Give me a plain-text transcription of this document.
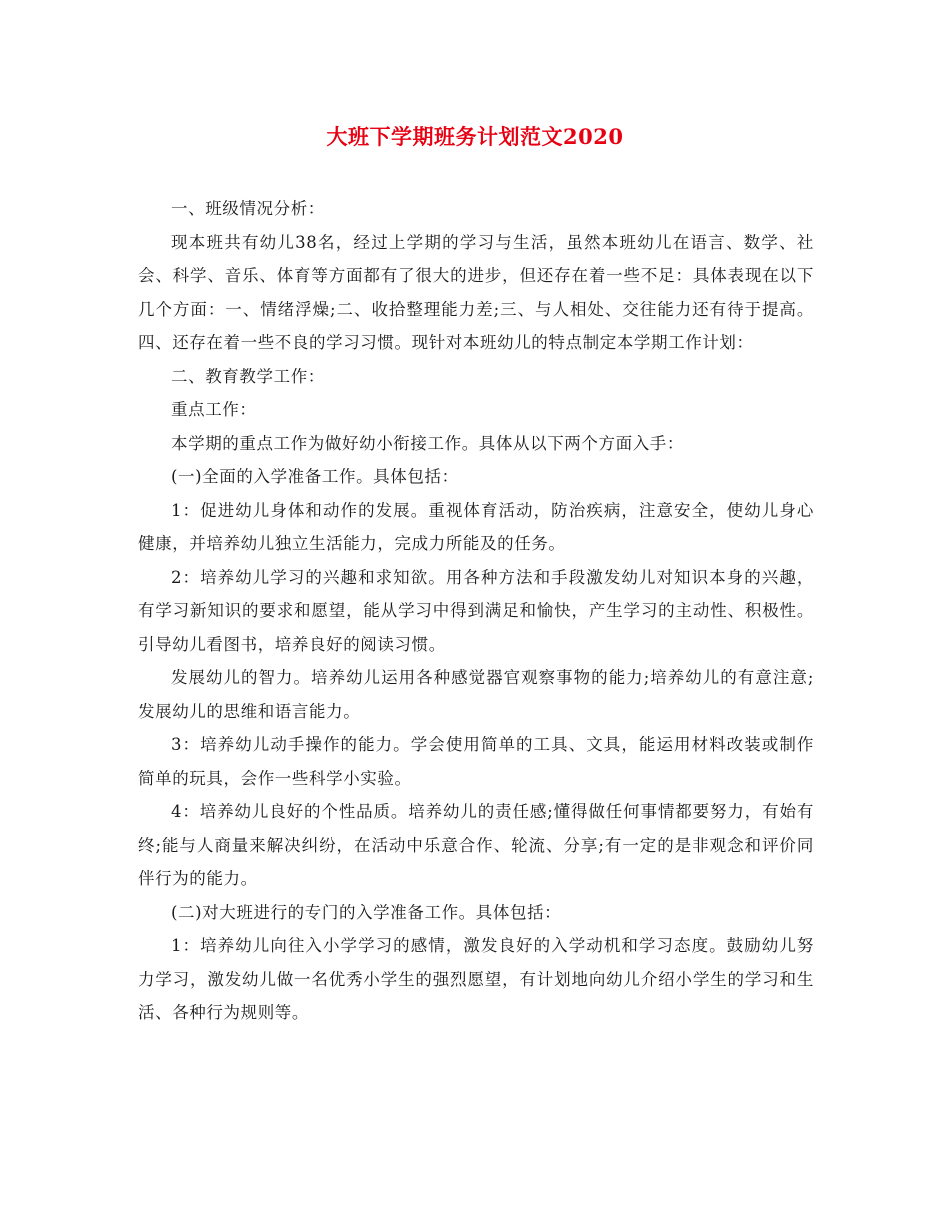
大班下学期班务计划范文2020

一、班级情况分析：

现本班共有幼儿38名，经过上学期的学习与生活，虽然本班幼儿在语言、数学、社会、科学、音乐、体育等方面都有了很大的进步，但还存在着一些不足：具体表现在以下几个方面：一、情绪浮燥;二、收拾整理能力差;三、与人相处、交往能力还有待于提高。四、还存在着一些不良的学习习惯。现针对本班幼儿的特点制定本学期工作计划：

二、教育教学工作：

重点工作：

本学期的重点工作为做好幼小衔接工作。具体从以下两个方面入手：

(一)全面的入学准备工作。具体包括：

1：促进幼儿身体和动作的发展。重视体育活动，防治疾病，注意安全，使幼儿身心健康，并培养幼儿独立生活能力，完成力所能及的任务。

2：培养幼儿学习的兴趣和求知欲。用各种方法和手段激发幼儿对知识本身的兴趣，有学习新知识的要求和愿望，能从学习中得到满足和愉快，产生学习的主动性、积极性。引导幼儿看图书，培养良好的阅读习惯。

发展幼儿的智力。培养幼儿运用各种感觉器官观察事物的能力;培养幼儿的有意注意;发展幼儿的思维和语言能力。

3：培养幼儿动手操作的能力。学会使用简单的工具、文具，能运用材料改装或制作简单的玩具，会作一些科学小实验。

4：培养幼儿良好的个性品质。培养幼儿的责任感;懂得做任何事情都要努力，有始有终;能与人商量来解决纠纷，在活动中乐意合作、轮流、分享;有一定的是非观念和评价同伴行为的能力。

(二)对大班进行的专门的入学准备工作。具体包括：

1：培养幼儿向往入小学学习的感情，激发良好的入学动机和学习态度。鼓励幼儿努力学习，激发幼儿做一名优秀小学生的强烈愿望，有计划地向幼儿介绍小学生的学习和生活、各种行为规则等。
